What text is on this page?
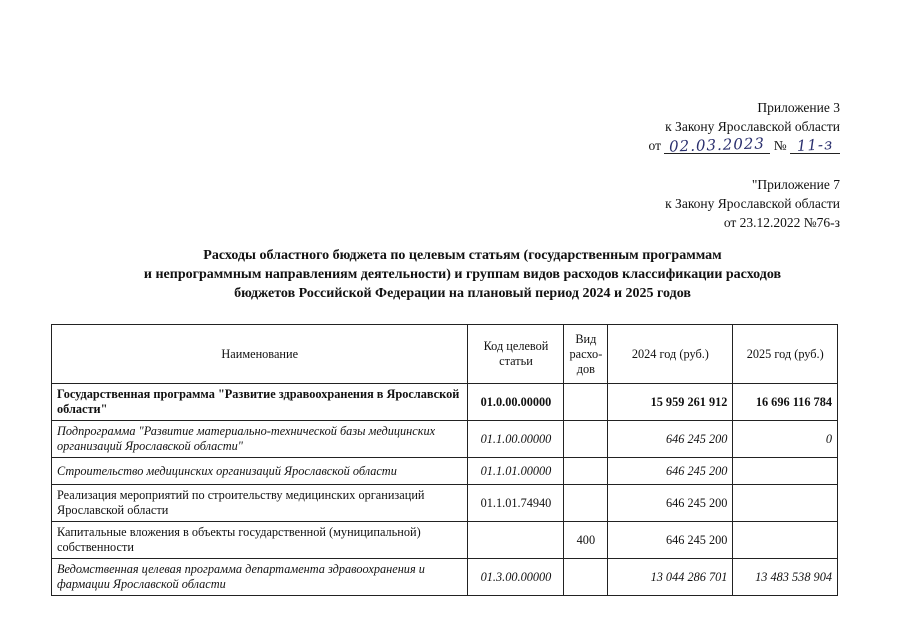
Приложение 3
к Закону Ярославской области
от 02.03.2023 № 11-з
"Приложение 7
к Закону Ярославской области
от 23.12.2022 №76-з
Расходы областного бюджета по целевым статьям (государственным программам
и непрограммным направлениям деятельности) и группам видов расходов классификации расходов
бюджетов Российской Федерации на плановый период 2024 и 2025 годов
Наименование	Код целевой статьи	Вид расхо-дов	2024 год (руб.)	2025 год (руб.)
Государственная программа "Развитие здравоохранения в Ярославской области"	01.0.00.00000		15 959 261 912	16 696 116 784
Подпрограмма "Развитие материально-технической базы медицинских организаций Ярославской области"	01.1.00.00000		646 245 200	0
Строительство медицинских организаций Ярославской области	01.1.01.00000		646 245 200	
Реализация мероприятий по строительству медицинских организаций Ярославской области	01.1.01.74940		646 245 200	
Капитальные вложения в объекты государственной (муниципальной) собственности		400	646 245 200	
Ведомственная целевая программа департамента здравоохранения и фармации Ярославской области	01.3.00.00000		13 044 286 701	13 483 538 904
